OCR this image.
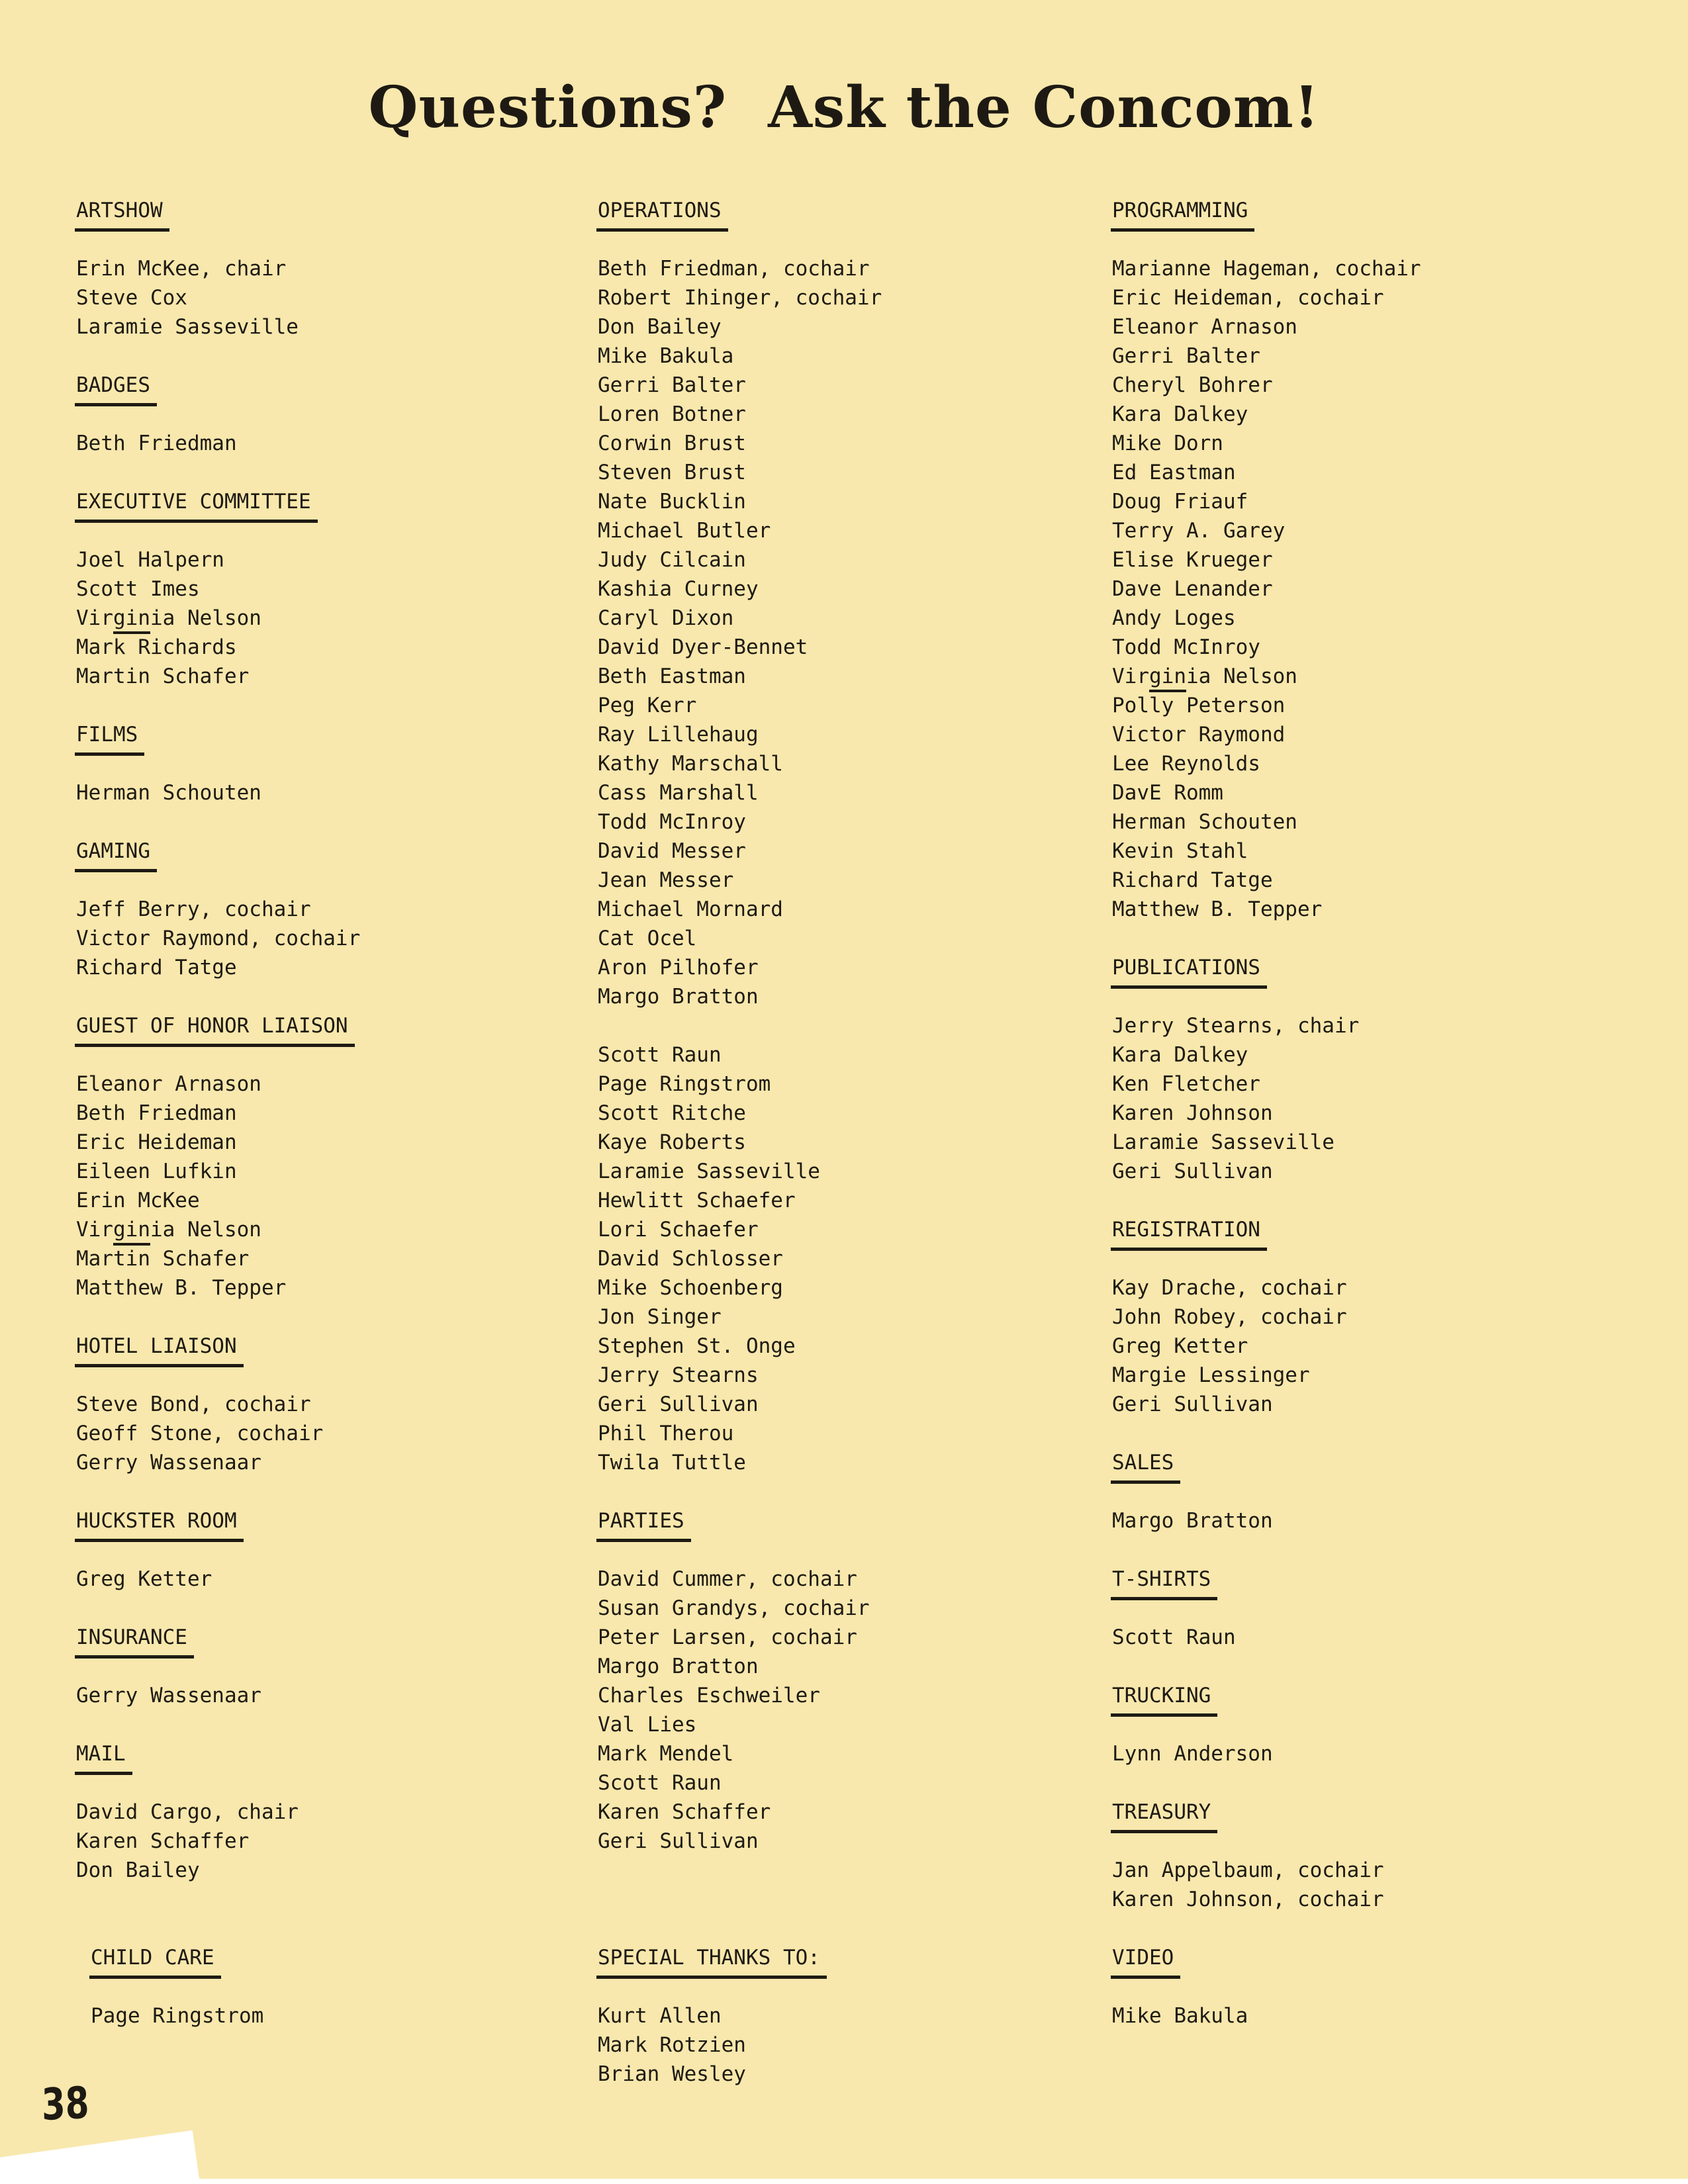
Questions?  Ask the Concom!
ARTSHOW
Erin McKee, chair
Steve Cox
Laramie Sasseville
BADGES
Beth Friedman
EXECUTIVE COMMITTEE
Joel Halpern
Scott Imes
Virginia Nelson
Mark Richards
Martin Schafer
FILMS
Herman Schouten
GAMING
Jeff Berry, cochair
Victor Raymond, cochair
Richard Tatge
GUEST OF HONOR LIAISON
Eleanor Arnason
Beth Friedman
Eric Heideman
Eileen Lufkin
Erin McKee
Virginia Nelson
Martin Schafer
Matthew B. Tepper
HOTEL LIAISON
Steve Bond, cochair
Geoff Stone, cochair
Gerry Wassenaar
HUCKSTER ROOM
Greg Ketter
INSURANCE
Gerry Wassenaar
MAIL
David Cargo, chair
Karen Schaffer
Don Bailey
CHILD CARE
Page Ringstrom
OPERATIONS
Beth Friedman, cochair
Robert Ihinger, cochair
Don Bailey
Mike Bakula
Gerri Balter
Loren Botner
Corwin Brust
Steven Brust
Nate Bucklin
Michael Butler
Judy Cilcain
Kashia Curney
Caryl Dixon
David Dyer-Bennet
Beth Eastman
Peg Kerr
Ray Lillehaug
Kathy Marschall
Cass Marshall
Todd McInroy
David Messer
Jean Messer
Michael Mornard
Cat Ocel
Aron Pilhofer
Margo Bratton
Scott Raun
Page Ringstrom
Scott Ritche
Kaye Roberts
Laramie Sasseville
Hewlitt Schaefer
Lori Schaefer
David Schlosser
Mike Schoenberg
Jon Singer
Stephen St. Onge
Jerry Stearns
Geri Sullivan
Phil Therou
Twila Tuttle
PARTIES
David Cummer, cochair
Susan Grandys, cochair
Peter Larsen, cochair
Margo Bratton
Charles Eschweiler
Val Lies
Mark Mendel
Scott Raun
Karen Schaffer
Geri Sullivan
SPECIAL THANKS TO:
Kurt Allen
Mark Rotzien
Brian Wesley
PROGRAMMING
Marianne Hageman, cochair
Eric Heideman, cochair
Eleanor Arnason
Gerri Balter
Cheryl Bohrer
Kara Dalkey
Mike Dorn
Ed Eastman
Doug Friauf
Terry A. Garey
Elise Krueger
Dave Lenander
Andy Loges
Todd McInroy
Virginia Nelson
Polly Peterson
Victor Raymond
Lee Reynolds
DavE Romm
Herman Schouten
Kevin Stahl
Richard Tatge
Matthew B. Tepper
PUBLICATIONS
Jerry Stearns, chair
Kara Dalkey
Ken Fletcher
Karen Johnson
Laramie Sasseville
Geri Sullivan
REGISTRATION
Kay Drache, cochair
John Robey, cochair
Greg Ketter
Margie Lessinger
Geri Sullivan
SALES
Margo Bratton
T-SHIRTS
Scott Raun
TRUCKING
Lynn Anderson
TREASURY
Jan Appelbaum, cochair
Karen Johnson, cochair
VIDEO
Mike Bakula
38
